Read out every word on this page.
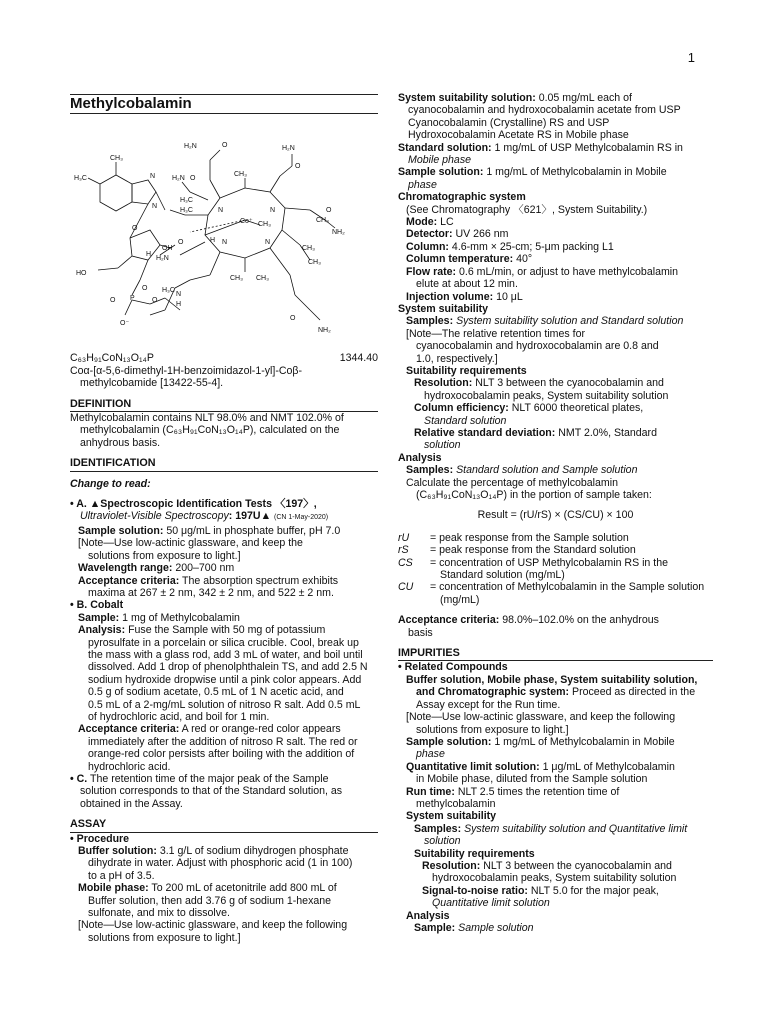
1
Methylcobalamin
H₂N	O	H₂N
O
CH₃
CH₃
H₂N O
H₃C
H₃C
H₃C	N	N
Co⁺ CH₃
O
NH₂
H N	N
N
N
CH₃
CH₃
H₂N
O
HO
O
OH
H₃C
H
N
H
O
P
O	O
O⁻
CH₃ CH₃
O
NH₂
CH₃
C₆₃H₉₁CoN₁₃O₁₄P	1344.40
Coα-[α-5,6-dimethyl-1H-benzoimidazol-1-yl]-Coβ-
methylcobamide [13422-55-4].
DEFINITION
Methylcobalamin contains NLT 98.0% and NMT 102.0% of
methylcobalamin (C₆₃H₉₁CoN₁₃O₁₄P), calculated on the
anhydrous basis.
IDENTIFICATION
Change to read:
• A. ▲Spectroscopic Identification Tests 〈197〉,
Ultraviolet-Visible Spectroscopy: 197U▲ (CN 1-May-2020)
Sample solution: 50 μg/mL in phosphate buffer, pH 7.0
[Note—Use low-actinic glassware, and keep the
solutions from exposure to light.]
Wavelength range: 200–700 nm
Acceptance criteria: The absorption spectrum exhibits
maxima at 267 ± 2 nm, 342 ± 2 nm, and 522 ± 2 nm.
• B. Cobalt
Sample: 1 mg of Methylcobalamin
Analysis: Fuse the Sample with 50 mg of potassium
pyrosulfate in a porcelain or silica crucible. Cool, break up
the mass with a glass rod, add 3 mL of water, and boil until
dissolved. Add 1 drop of phenolphthalein TS, and add 2.5 N
sodium hydroxide dropwise until a pink color appears. Add
0.5 g of sodium acetate, 0.5 mL of 1 N acetic acid, and
0.5 mL of a 2-mg/mL solution of nitroso R salt. Add 0.5 mL
of hydrochloric acid, and boil for 1 min.
Acceptance criteria: A red or orange-red color appears
immediately after the addition of nitroso R salt. The red or
orange-red color persists after boiling with the addition of
hydrochloric acid.
• C. The retention time of the major peak of the Sample
solution corresponds to that of the Standard solution, as
obtained in the Assay.
ASSAY
• Procedure
Buffer solution: 3.1 g/L of sodium dihydrogen phosphate
dihydrate in water. Adjust with phosphoric acid (1 in 100)
to a pH of 3.5.
Mobile phase: To 200 mL of acetonitrile add 800 mL of
Buffer solution, then add 3.76 g of sodium 1-hexane
sulfonate, and mix to dissolve.
[Note—Use low-actinic glassware, and keep the following
solutions from exposure to light.]
System suitability solution: 0.05 mg/mL each of
cyanocobalamin and hydroxocobalamin acetate from USP
Cyanocobalamin (Crystalline) RS and USP
Hydroxocobalamin Acetate RS in Mobile phase
Standard solution: 1 mg/mL of USP Methylcobalamin RS in
Mobile phase
Sample solution: 1 mg/mL of Methylcobalamin in Mobile
phase
Chromatographic system
(See Chromatography 〈621〉, System Suitability.)
Mode: LC
Detector: UV 266 nm
Column: 4.6-mm × 25-cm; 5-μm packing L1
Column temperature: 40°
Flow rate: 0.6 mL/min, or adjust to have methylcobalamin
elute at about 12 min.
Injection volume: 10 μL
System suitability
Samples: System suitability solution and Standard solution
[Note—The relative retention times for
cyanocobalamin and hydroxocobalamin are 0.8 and
1.0, respectively.]
Suitability requirements
Resolution: NLT 3 between the cyanocobalamin and
hydroxocobalamin peaks, System suitability solution
Column efficiency: NLT 6000 theoretical plates,
Standard solution
Relative standard deviation: NMT 2.0%, Standard
solution
Analysis
Samples: Standard solution and Sample solution
Calculate the percentage of methylcobalamin
(C₆₃H₉₁CoN₁₃O₁₄P) in the portion of sample taken:
Result = (rU/rS) × (CS/CU) × 100
rU	= peak response from the Sample solution
rS	= peak response from the Standard solution
CS	= concentration of USP Methylcobalamin RS in the Standard solution (mg/mL)
CU	= concentration of Methylcobalamin in the Sample solution (mg/mL)
Acceptance criteria: 98.0%–102.0% on the anhydrous
basis
IMPURITIES
• Related Compounds
Buffer solution, Mobile phase, System suitability solution,
and Chromatographic system: Proceed as directed in the
Assay except for the Run time.
[Note—Use low-actinic glassware, and keep the following
solutions from exposure to light.]
Sample solution: 1 mg/mL of Methylcobalamin in Mobile
phase
Quantitative limit solution: 1 μg/mL of Methylcobalamin
in Mobile phase, diluted from the Sample solution
Run time: NLT 2.5 times the retention time of
methylcobalamin
System suitability
Samples: System suitability solution and Quantitative limit
solution
Suitability requirements
Resolution: NLT 3 between the cyanocobalamin and
hydroxocobalamin peaks, System suitability solution
Signal-to-noise ratio: NLT 5.0 for the major peak,
Quantitative limit solution
Analysis
Sample: Sample solution
